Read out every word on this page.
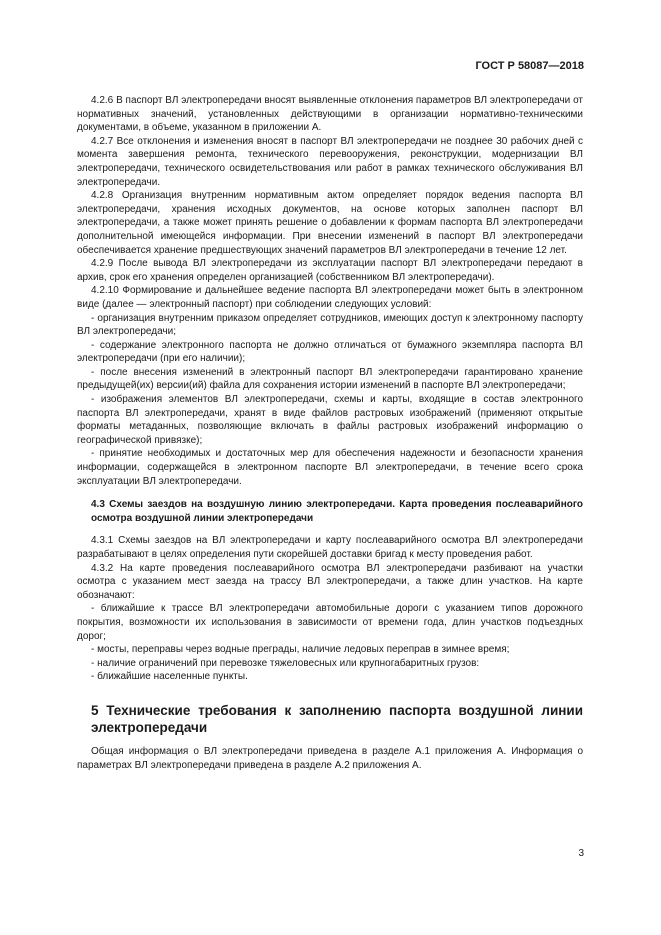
ГОСТ Р 58087—2018

4.2.6 В паспорт ВЛ электропередачи вносят выявленные отклонения параметров ВЛ электропередачи от нормативных значений, установленных действующими в организации нормативно-техническими документами, в объеме, указанном в приложении А.

4.2.7 Все отклонения и изменения вносят в паспорт ВЛ электропередачи не позднее 30 рабочих дней с момента завершения ремонта, технического перевооружения, реконструкции, модернизации ВЛ электропередачи, технического освидетельствования или работ в рамках технического обслуживания ВЛ электропередачи.

4.2.8 Организация внутренним нормативным актом определяет порядок ведения паспорта ВЛ электропередачи, хранения исходных документов, на основе которых заполнен паспорт ВЛ электропередачи, а также может принять решение о добавлении к формам паспорта ВЛ электропередачи дополнительной имеющейся информации. При внесении изменений в паспорт ВЛ электропередачи обеспечивается хранение предшествующих значений параметров ВЛ электропередачи в течение 12 лет.

4.2.9 После вывода ВЛ электропередачи из эксплуатации паспорт ВЛ электропередачи передают в архив, срок его хранения определен организацией (собственником ВЛ электропередачи).

4.2.10 Формирование и дальнейшее ведение паспорта ВЛ электропередачи может быть в электронном виде (далее — электронный паспорт) при соблюдении следующих условий:

- организация внутренним приказом определяет сотрудников, имеющих доступ к электронному паспорту ВЛ электропередачи;

- содержание электронного паспорта не должно отличаться от бумажного экземпляра паспорта ВЛ электропередачи (при его наличии);

- после внесения изменений в электронный паспорт ВЛ электропередачи гарантировано хранение предыдущей(их) версии(ий) файла для сохранения истории изменений в паспорте ВЛ электропередачи;

- изображения элементов ВЛ электропередачи, схемы и карты, входящие в состав электронного паспорта ВЛ электропередачи, хранят в виде файлов растровых изображений (применяют открытые форматы метаданных, позволяющие включать в файлы растровых изображений информацию о географической привязке);

- принятие необходимых и достаточных мер для обеспечения надежности и безопасности хранения информации, содержащейся в электронном паспорте ВЛ электропередачи, в течение всего срока эксплуатации ВЛ электропередачи.

4.3 Схемы заездов на воздушную линию электропередачи. Карта проведения послеаварийного осмотра воздушной линии электропередачи

4.3.1 Схемы заездов на ВЛ электропередачи и карту послеаварийного осмотра ВЛ электропередачи разрабатывают в целях определения пути скорейшей доставки бригад к месту проведения работ.

4.3.2 На карте проведения послеаварийного осмотра ВЛ электропередачи разбивают на участки осмотра с указанием мест заезда на трассу ВЛ электропередачи, а также длин участков. На карте обозначают:

- ближайшие к трассе ВЛ электропередачи автомобильные дороги с указанием типов дорожного покрытия, возможности их использования в зависимости от времени года, длин участков подъездных дорог;

- мосты, переправы через водные преграды, наличие ледовых переправ в зимнее время;

- наличие ограничений при перевозке тяжеловесных или крупногабаритных грузов:

- ближайшие населенные пункты.

5 Технические требования к заполнению паспорта воздушной линии электропередачи

Общая информация о ВЛ электропередачи приведена в разделе А.1 приложения А. Информация о параметрах ВЛ электропередачи приведена в разделе А.2 приложения А.

3
